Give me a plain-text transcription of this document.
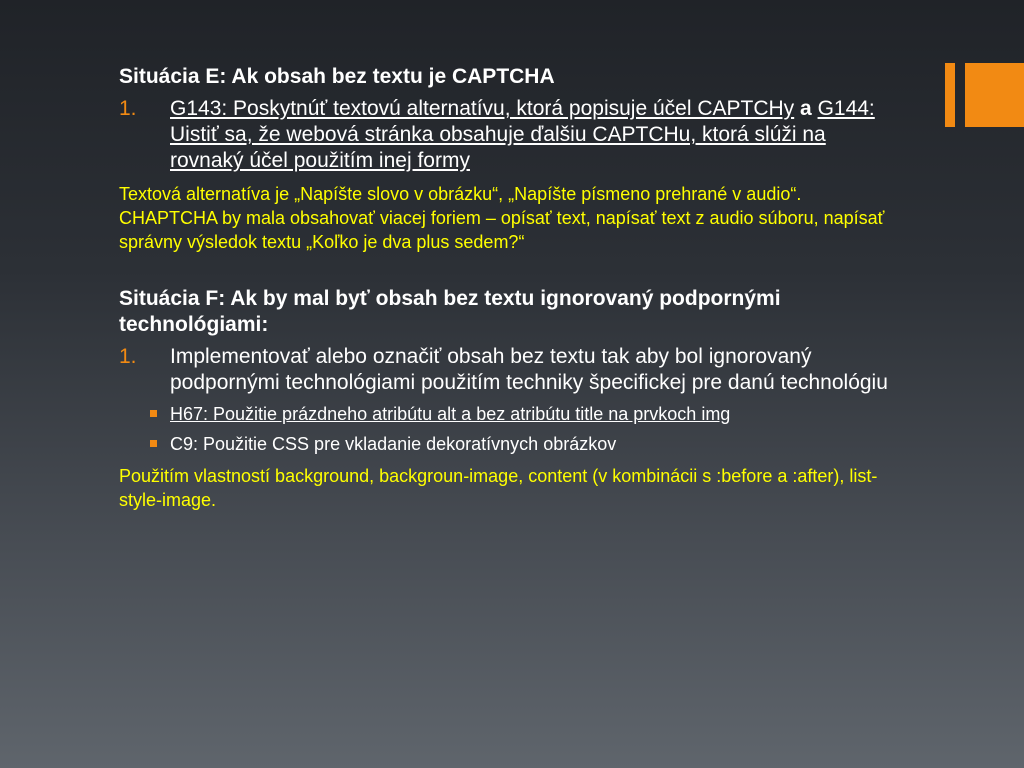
Situácia E: Ak obsah bez textu je CAPTCHA

1.	G143: Poskytnúť textovú alternatívu, ktorá popisuje účel CAPTCHy a G144: Uistiť sa, že webová stránka obsahuje ďalšiu CAPTCHu, ktorá slúži na rovnaký účel použitím inej formy

Textová alternatíva je „Napíšte slovo v obrázku“, „Napíšte písmeno prehrané v audio“. CHAPTCHA by mala obsahovať viacej foriem – opísať text, napísať text z audio súboru, napísať správny výsledok textu „Koľko je dva plus sedem?“

Situácia F: Ak by mal byť obsah bez textu ignorovaný podpornými technológiami:

1.	Implementovať alebo označiť obsah bez textu tak aby bol ignorovaný podpornými technológiami použitím techniky špecifickej pre danú technológiu
H67: Použitie prázdneho atribútu alt a bez atribútu title na prvkoch img
C9: Použitie CSS pre vkladanie dekoratívnych obrázkov

Použitím vlastností background, backgroun-image, content (v kombinácii s :before a :after), list-style-image.
